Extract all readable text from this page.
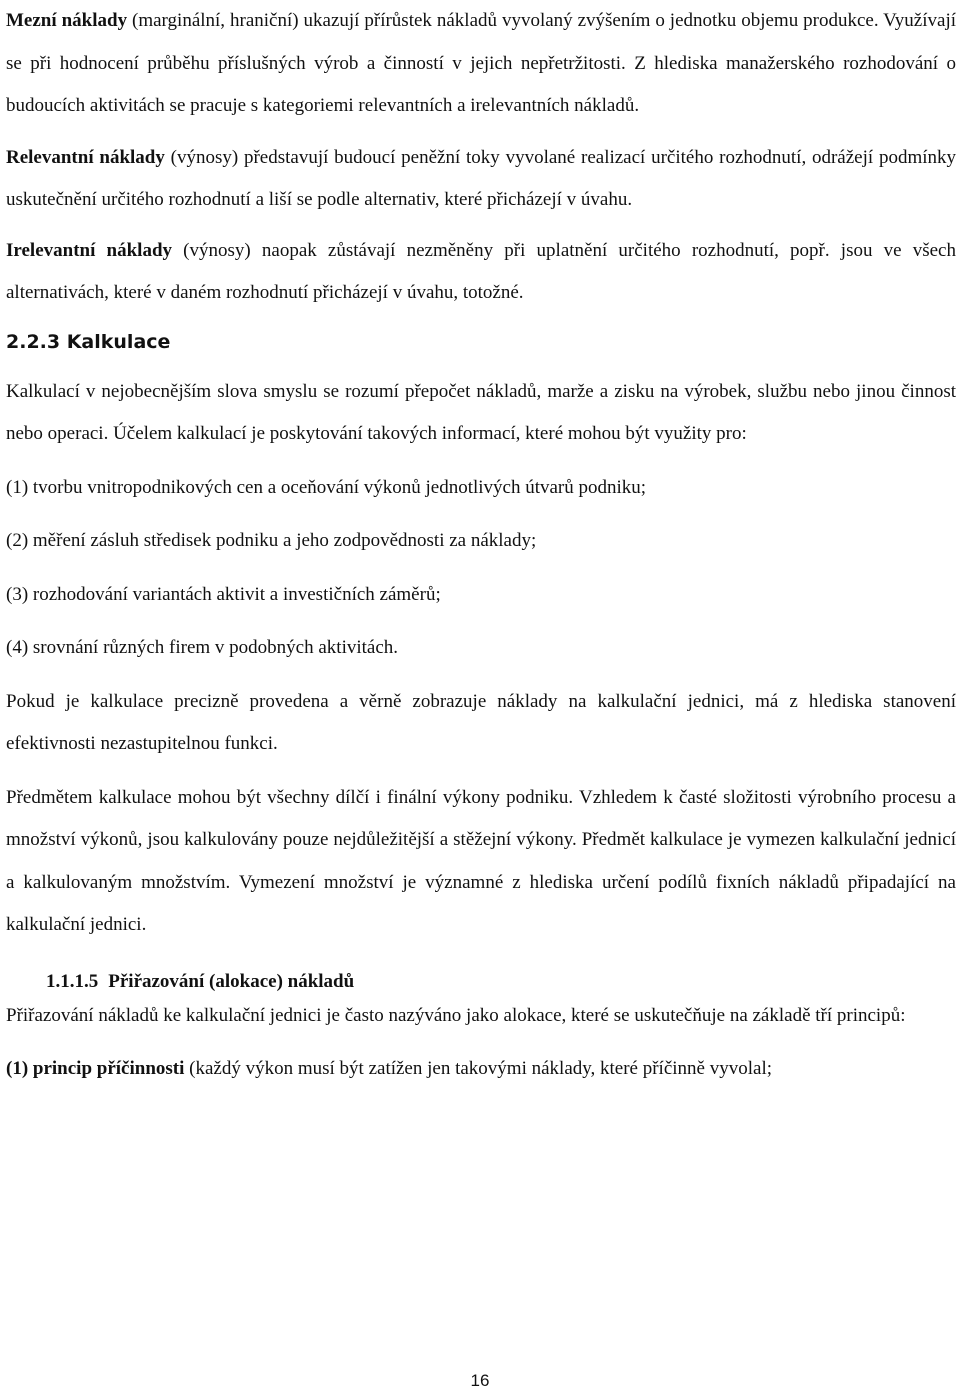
Mezní náklady (marginální, hraniční) ukazují přírůstek nákladů vyvolaný zvýšením o jednotku objemu produkce. Využívají se při hodnocení průběhu příslušných výrob a činností v jejich nepřetržitosti. Z hlediska manažerského rozhodování o budoucích aktivitách se pracuje s kategoriemi relevantních a irelevantních nákladů.

Relevantní náklady (výnosy) představují budoucí peněžní toky vyvolané realizací určitého rozhodnutí, odrážejí podmínky uskutečnění určitého rozhodnutí a liší se podle alternativ, které přicházejí v úvahu.

Irelevantní náklady (výnosy) naopak zůstávají nezměněny při uplatnění určitého rozhodnutí, popř. jsou ve všech alternativách, které v daném rozhodnutí přicházejí v úvahu, totožné.

2.2.3 Kalkulace

Kalkulací v nejobecnějším slova smyslu se rozumí přepočet nákladů, marže a zisku na výrobek, službu nebo jinou činnost nebo operaci. Účelem kalkulací je poskytování takových informací, které mohou být využity pro:

(1) tvorbu vnitropodnikových cen a oceňování výkonů jednotlivých útvarů podniku;

(2) měření zásluh středisek podniku a jeho zodpovědnosti za náklady;

(3) rozhodování variantách aktivit a investičních záměrů;

(4) srovnání různých firem v podobných aktivitách.

Pokud je kalkulace precizně provedena a věrně zobrazuje náklady na kalkulační jednici, má z hlediska stanovení efektivnosti nezastupitelnou funkci.

Předmětem kalkulace mohou být všechny dílčí i finální výkony podniku. Vzhledem k časté složitosti výrobního procesu a množství výkonů, jsou kalkulovány pouze nejdůležitější a stěžejní výkony. Předmět kalkulace je vymezen kalkulační jednicí a kalkulovaným množstvím. Vymezení množství je významné z hlediska určení podílů fixních nákladů připadající na kalkulační jednici.

1.1.1.5 Přiřazování (alokace) nákladů

Přiřazování nákladů ke kalkulační jednici je často nazýváno jako alokace, které se uskutečňuje na základě tří principů:

(1) princip příčinnosti (každý výkon musí být zatížen jen takovými náklady, které příčinně vyvolal;

16
